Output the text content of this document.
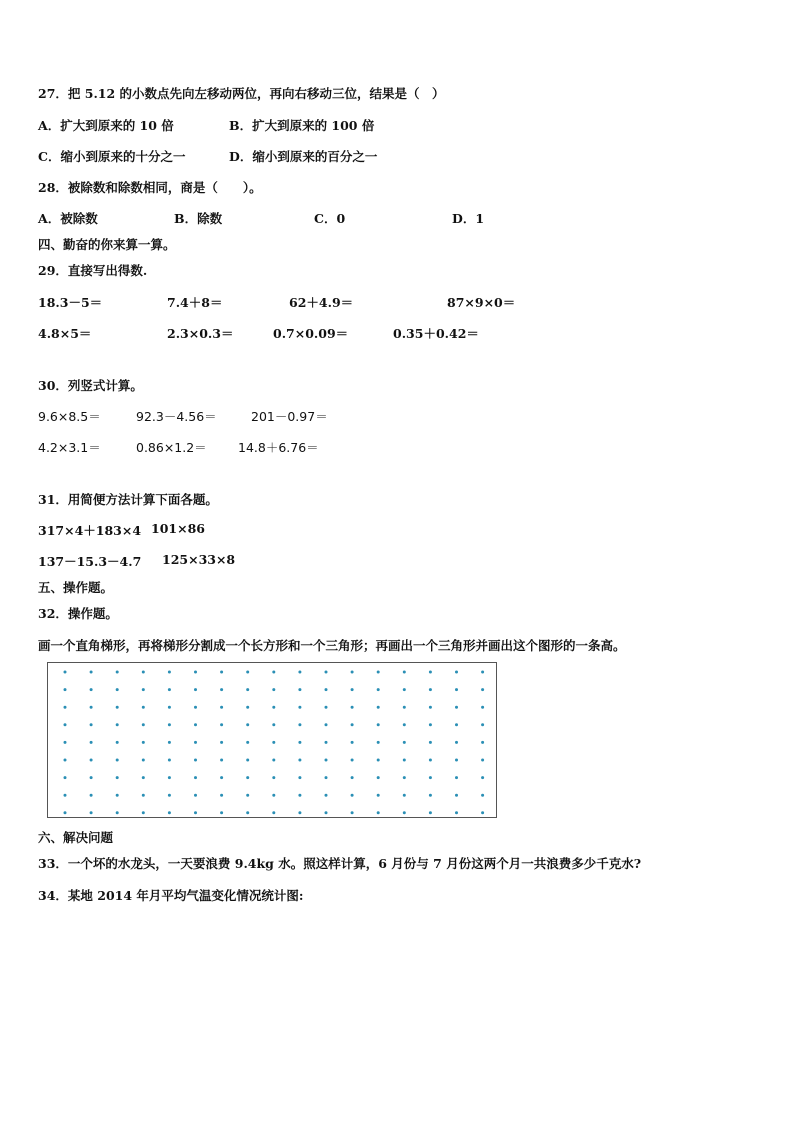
27．把 5.12 的小数点先向左移动两位，再向右移动三位，结果是（　）
A．扩大到原来的 10 倍	B．扩大到原来的 100 倍
C．缩小到原来的十分之一	D．缩小到原来的百分之一
28．被除数和除数相同，商是（　　）。
A．被除数	B．除数	C．0	D．1
四、勤奋的你来算一算。
29．直接写出得数.
18.3－5＝	7.4＋8＝	62＋4.9＝	87×9×0＝
4.8×5＝	2.3×0.3＝	0.7×0.09＝	0.35＋0.42＝
30．列竖式计算。
9.6×8.5＝	92.3－4.56＝	201－0.97＝
4.2×3.1＝	0.86×1.2＝	14.8＋6.76＝
31．用简便方法计算下面各题。
317×4＋183×4 101×86
137－15.3－4.7 125×33×8
五、操作题。
32．操作题。
画一个直角梯形，再将梯形分割成一个长方形和一个三角形；再画出一个三角形并画出这个图形的一条高。
六、解决问题
33．一个坏的水龙头，一天要浪费 9.4kg 水。照这样计算，6 月份与 7 月份这两个月一共浪费多少千克水?
34．某地 2014 年月平均气温变化情况统计图:
